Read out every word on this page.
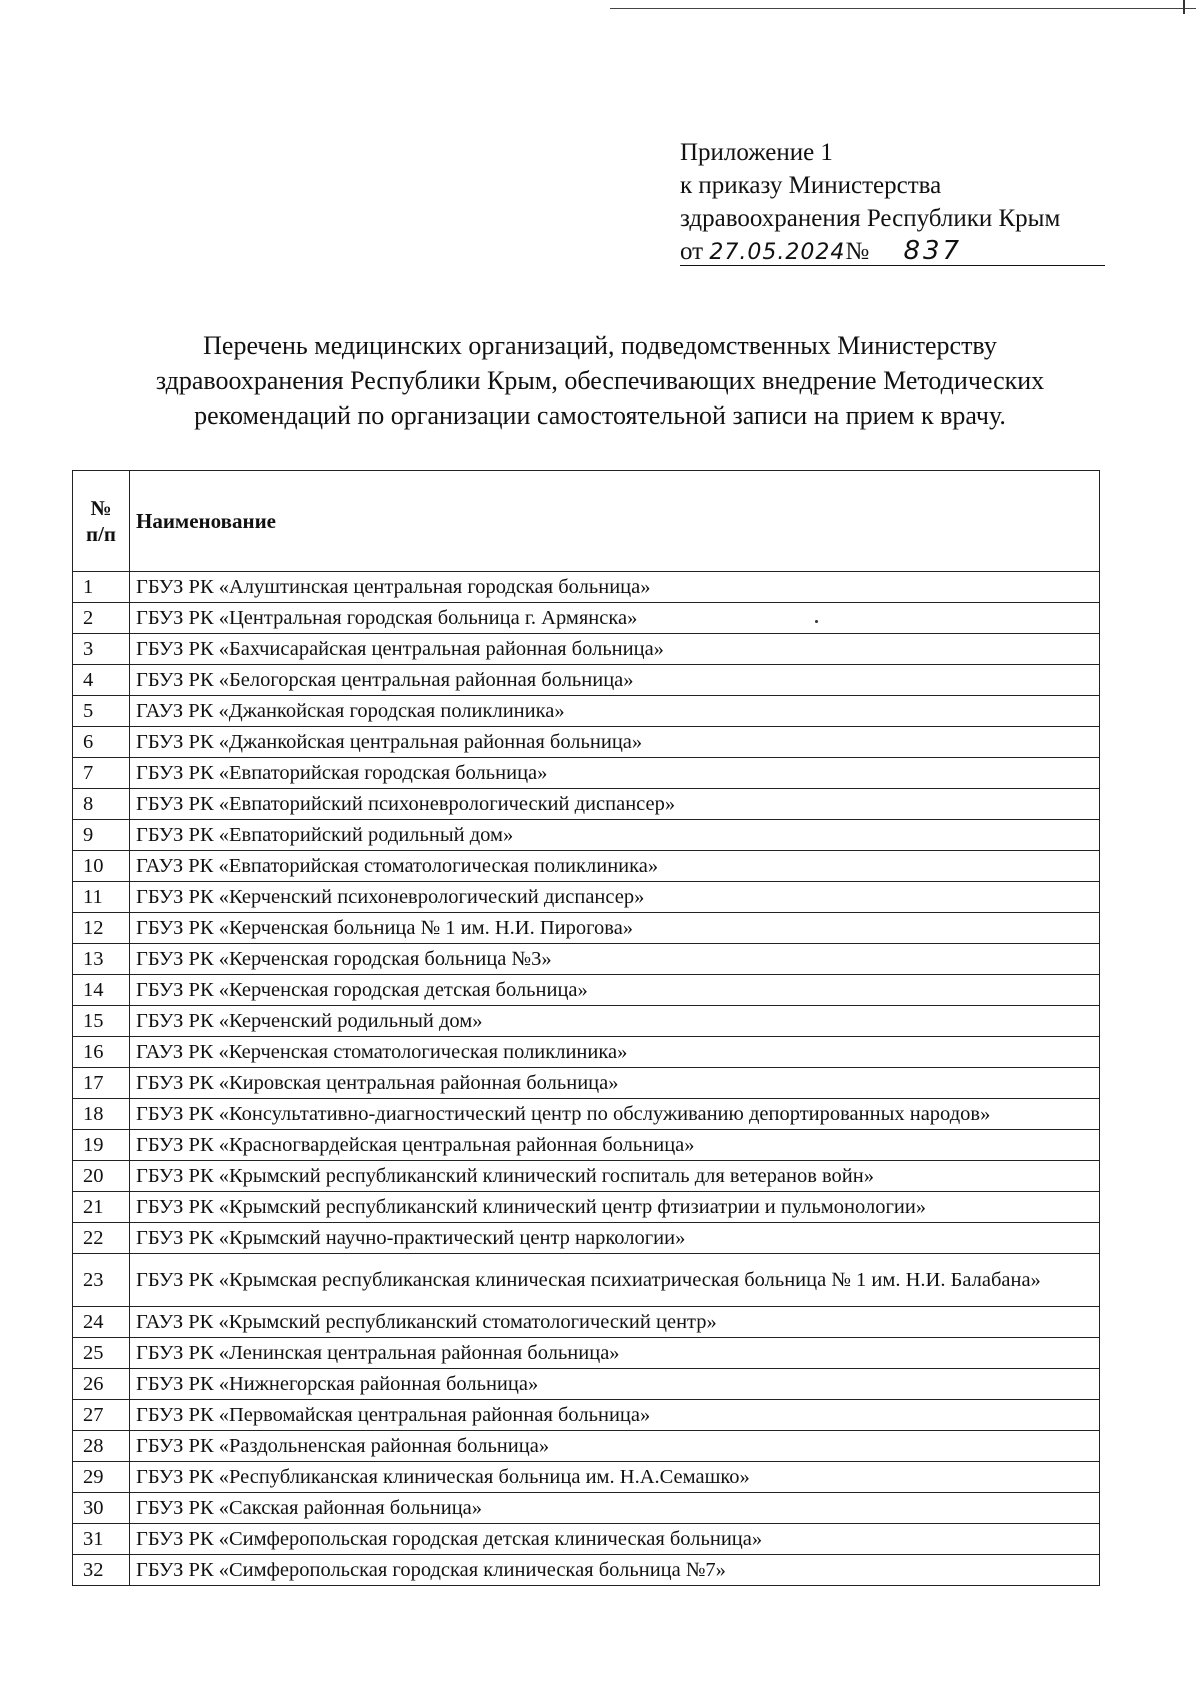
Приложение 1
к приказу Министерства
здравоохранения Республики Крым
от 27.05.2024№ 837
Перечень медицинских организаций, подведомственных Министерству
здравоохранения Республики Крым, обеспечивающих внедрение Методических
рекомендаций по организации самостоятельной записи на прием к врачу.
№
п/п	Наименование
1	ГБУЗ РК «Алуштинская центральная городская больница»
2	ГБУЗ РК «Центральная городская больница г. Армянска»
3	ГБУЗ РК «Бахчисарайская центральная районная больница»
4	ГБУЗ РК «Белогорская центральная районная больница»
5	ГАУЗ РК «Джанкойская городская поликлиника»
6	ГБУЗ РК «Джанкойская центральная районная больница»
7	ГБУЗ РК «Евпаторийская городская больница»
8	ГБУЗ РК «Евпаторийский психоневрологический диспансер»
9	ГБУЗ РК «Евпаторийский родильный дом»
10	ГАУЗ РК «Евпаторийская стоматологическая поликлиника»
11	ГБУЗ РК «Керченский психоневрологический диспансер»
12	ГБУЗ РК «Керченская больница № 1 им. Н.И. Пирогова»
13	ГБУЗ РК «Керченская городская больница №3»
14	ГБУЗ РК «Керченская городская детская больница»
15	ГБУЗ РК «Керченский родильный дом»
16	ГАУЗ РК «Керченская стоматологическая поликлиника»
17	ГБУЗ РК «Кировская центральная районная больница»
18	ГБУЗ РК «Консультативно-диагностический центр по обслуживанию депортированных народов»
19	ГБУЗ РК «Красногвардейская центральная районная больница»
20	ГБУЗ РК «Крымский республиканский клинический госпиталь для ветеранов войн»
21	ГБУЗ РК «Крымский республиканский клинический центр фтизиатрии и пульмонологии»
22	ГБУЗ РК «Крымский научно-практический центр наркологии»
23	ГБУЗ РК «Крымская республиканская клиническая психиатрическая больница № 1 им. Н.И. Балабана»
24	ГАУЗ РК «Крымский республиканский стоматологический центр»
25	ГБУЗ РК «Ленинская центральная районная больница»
26	ГБУЗ РК «Нижнегорская районная больница»
27	ГБУЗ РК «Первомайская центральная районная больница»
28	ГБУЗ РК «Раздольненская районная больница»
29	ГБУЗ РК «Республиканская клиническая больница им. Н.А.Семашко»
30	ГБУЗ РК «Сакская районная больница»
31	ГБУЗ РК «Симферопольская городская детская клиническая больница»
32	ГБУЗ РК «Симферопольская городская клиническая больница №7»
